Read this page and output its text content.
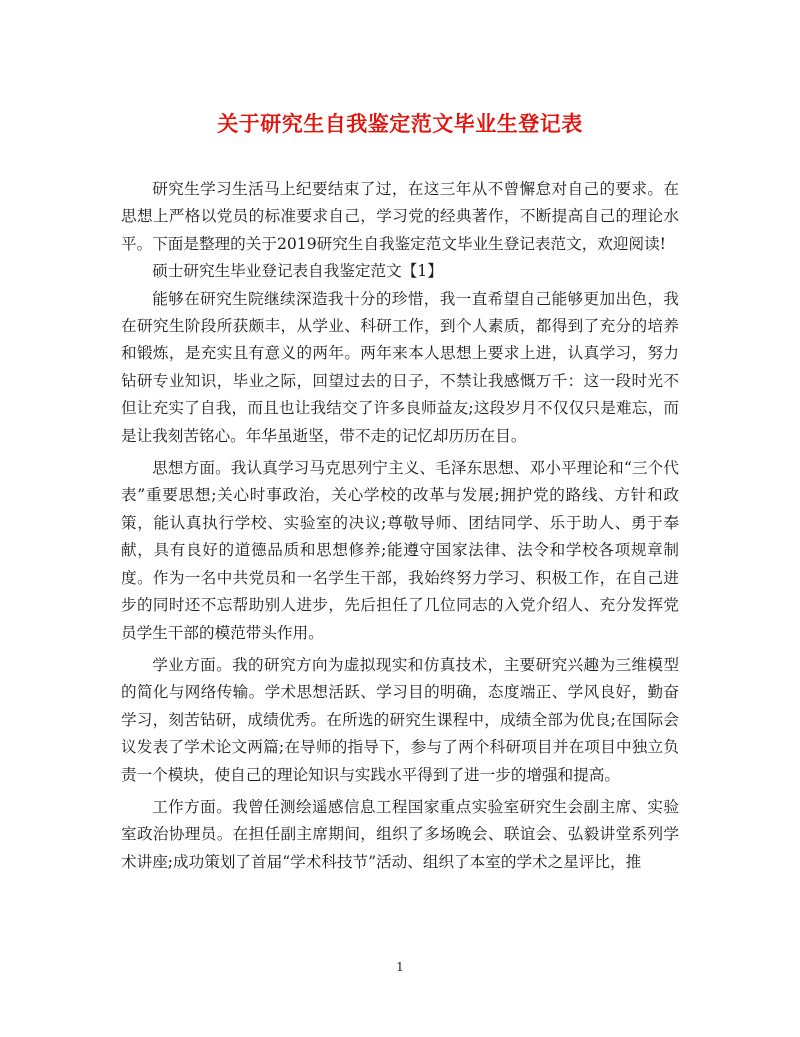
关于研究生自我鉴定范文毕业生登记表

研究生学习生活马上纪要结束了过，在这三年从不曾懈怠对自己的要求。在思想上严格以党员的标准要求自己，学习党的经典著作，不断提高自己的理论水平。下面是整理的关于2019研究生自我鉴定范文毕业生登记表范文，欢迎阅读!

硕士研究生毕业登记表自我鉴定范文【1】

能够在研究生院继续深造我十分的珍惜，我一直希望自己能够更加出色，我在研究生阶段所获颇丰，从学业、科研工作，到个人素质，都得到了充分的培养和锻炼，是充实且有意义的两年。两年来本人思想上要求上进，认真学习，努力钻研专业知识，毕业之际，回望过去的日子，不禁让我感慨万千：这一段时光不但让充实了自我，而且也让我结交了许多良师益友;这段岁月不仅仅只是难忘，而是让我刻苦铭心。年华虽逝坚，带不走的记忆却历历在目。

思想方面。我认真学习马克思列宁主义、毛泽东思想、邓小平理论和“三个代表”重要思想;关心时事政治，关心学校的改革与发展;拥护党的路线、方针和政策，能认真执行学校、实验室的决议;尊敬导师、团结同学、乐于助人、勇于奉献，具有良好的道德品质和思想修养;能遵守国家法律、法令和学校各项规章制度。作为一名中共党员和一名学生干部，我始终努力学习、积极工作，在自己进步的同时还不忘帮助别人进步，先后担任了几位同志的入党介绍人、充分发挥党员学生干部的模范带头作用。

学业方面。我的研究方向为虚拟现实和仿真技术，主要研究兴趣为三维模型的简化与网络传输。学术思想活跃、学习目的明确，态度端正、学风良好，勤奋学习，刻苦钻研，成绩优秀。在所选的研究生课程中，成绩全部为优良;在国际会议发表了学术论文两篇;在导师的指导下，参与了两个科研项目并在项目中独立负责一个模块，使自己的理论知识与实践水平得到了进一步的增强和提高。

工作方面。我曾任测绘遥感信息工程国家重点实验室研究生会副主席、实验室政治协理员。在担任副主席期间，组织了多场晚会、联谊会、弘毅讲堂系列学术讲座;成功策划了首届“学术科技节”活动、组织了本室的学术之星评比，推

1
